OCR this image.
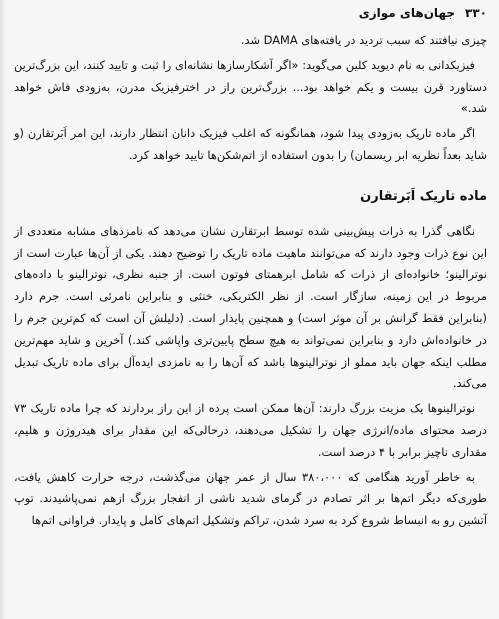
۳۳۰
جهان‌های موازی

چیزی نیافتند که سبب تردید در یافته‌های DAMA شد.

فیزیکدانی به نام دیوید کلین می‌گوید: «اگر آشکارسازها نشانه‌ای را ثبت و تایید کنند، این بزرگ‌ترین دستاورد قرن بیست و یکم خواهد بود... بزرگ‌ترین راز در اخترفیزیک مدرن، به‌زودی فاش خواهد شد.»

اگر ماده تاریک به‌زودی پیدا شود، همانگونه که اغلب فیزیک دانان انتظار دارند، این امر اَبَرتقارن (و شاید بعداً نظریه ابر ریسمان) را بدون استفاده از اتم‌شکن‌ها تایید خواهد کرد.

ماده تاریک اَبَرتقارن

نگاهی گذرا به ذرات پیش‌بینی شده توسط ابرتقارن نشان می‌دهد که نامزدهای مشابه متعددی از این نوع ذرات وجود دارند که می‌توانند ماهیت ماده تاریک را توضیح دهند. یکی از آن‌ها عبارت است از نوترالینو؛ خانواده‌ای از ذرات که شامل ابرهمتای فوتون است. از جنبه نظری، نوترالینو با داده‌های مربوط در این زمینه، سازگار است. از نظر الکتریکی، خنثی و بنابراین نامرئی است. جرم دارد (بنابراین فقط گرانش بر آن موثر است) و همچنین پایدار است. (دلیلش آن است که کم‌ترین جرم را در خانواده‌اش دارد و بنابراین نمی‌تواند به هیچ سطح پایین‌تری واپاشی کند.) آخرین و شاید مهم‌ترین مطلب اینکه جهان باید مملو از نوترالینوها باشد که آن‌ها را به نامزدی ایده‌آل برای ماده تاریک تبدیل می‌کند.

نوترالینوها یک مزیت بزرگ دارند: آن‌ها ممکن است پرده از این راز بردارند که چرا ماده تاریک ۷۳ درصد محتوای ماده/انرژی جهان را تشکیل می‌دهند، درحالی‌که این مقدار برای هیدروژن و هلیم، مقداری ناچیز برابر با ۴ درصد است.

به خاطر آورید هنگامی که ۳۸۰،۰۰۰ سال از عمر جهان می‌گذشت، درجه حرارت کاهش یافت، طوری‌که دیگر اتم‌ها بر اثر تصادم در گرمای شدید ناشی از انفجار بزرگ ازهم نمی‌پاشیدند. توپ آتشین رو به انبساط شروع کرد به سرد شدن، تراکم وتشکیل اتم‌های کامل و پایدار. فراوانی اتم‌ها
